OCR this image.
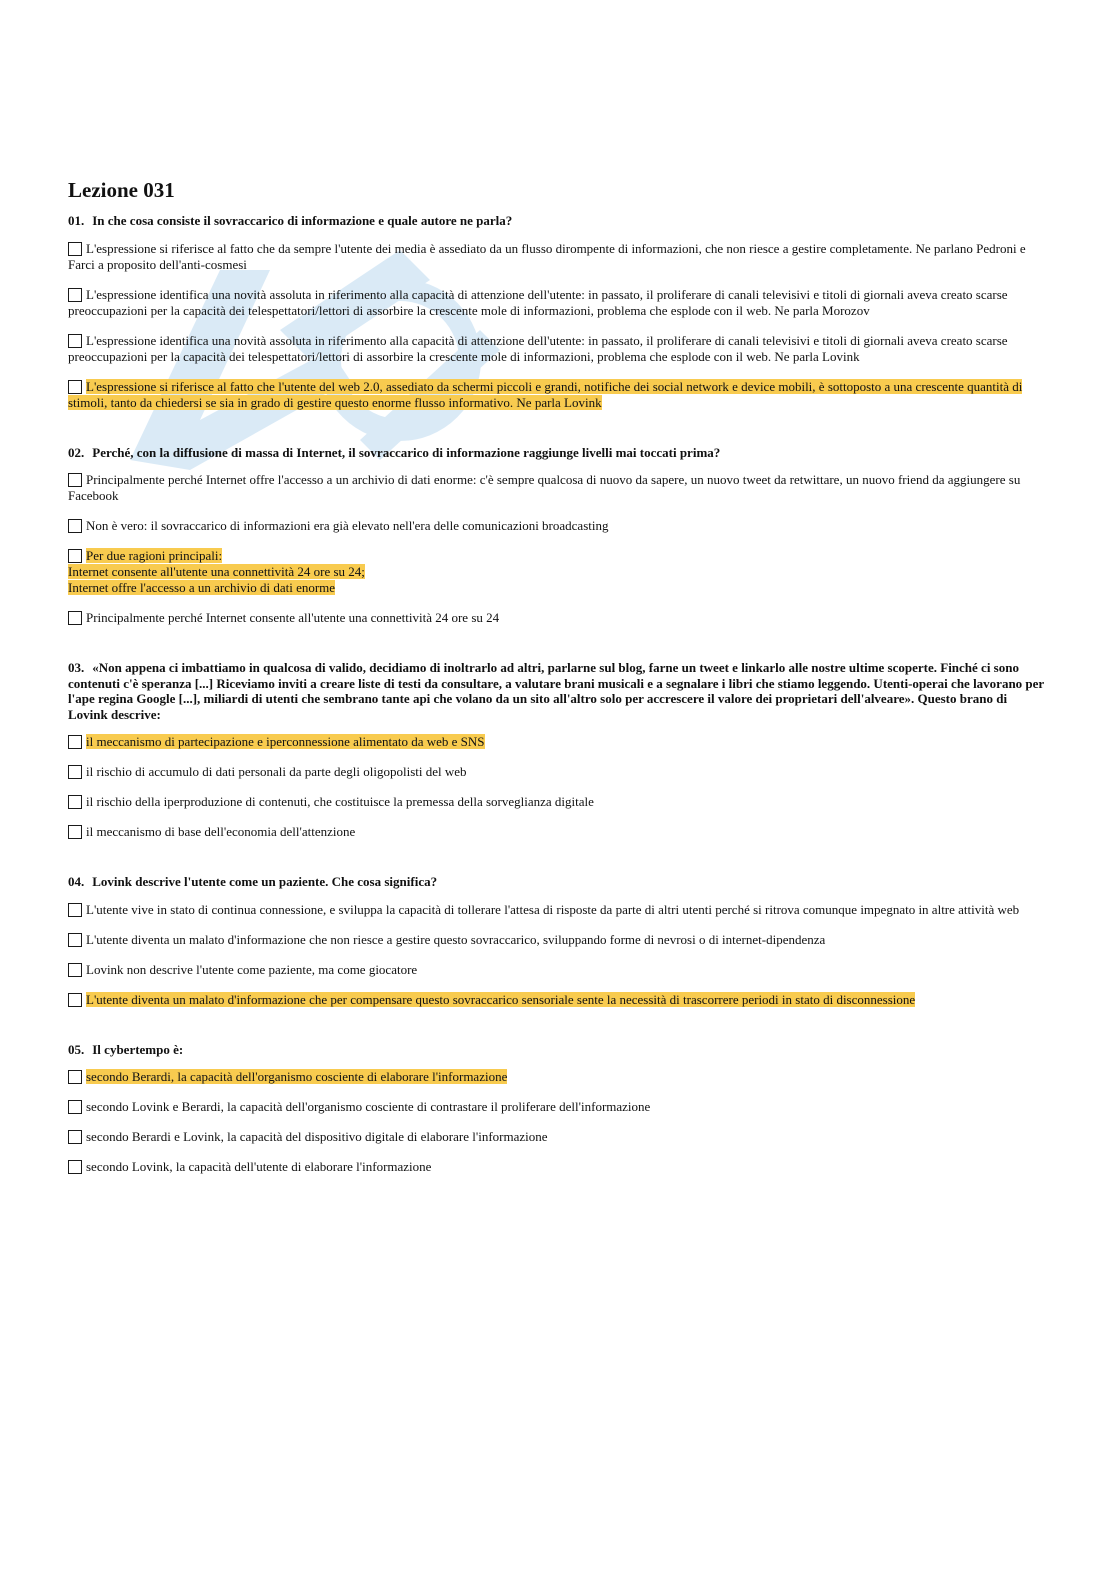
Lezione 031
01. In che cosa consiste il sovraccarico di informazione e quale autore ne parla?
L'espressione si riferisce al fatto che da sempre l'utente dei media è assediato da un flusso dirompente di informazioni, che non riesce a gestire completamente. Ne parlano Pedroni e Farci a proposito dell'anti-cosmesi
L'espressione identifica una novità assoluta in riferimento alla capacità di attenzione dell'utente: in passato, il proliferare di canali televisivi e titoli di giornali aveva creato scarse preoccupazioni per la capacità dei telespettatori/lettori di assorbire la crescente mole di informazioni, problema che esplode con il web. Ne parla Morozov
L'espressione identifica una novità assoluta in riferimento alla capacità di attenzione dell'utente: in passato, il proliferare di canali televisivi e titoli di giornali aveva creato scarse preoccupazioni per la capacità dei telespettatori/lettori di assorbire la crescente mole di informazioni, problema che esplode con il web. Ne parla Lovink
L'espressione si riferisce al fatto che l'utente del web 2.0, assediato da schermi piccoli e grandi, notifiche dei social network e device mobili, è sottoposto a una crescente quantità di stimoli, tanto da chiedersi se sia in grado di gestire questo enorme flusso informativo. Ne parla Lovink
02. Perché, con la diffusione di massa di Internet, il sovraccarico di informazione raggiunge livelli mai toccati prima?
Principalmente perché Internet offre l'accesso a un archivio di dati enorme: c'è sempre qualcosa di nuovo da sapere, un nuovo tweet da retwittare, un nuovo friend da aggiungere su Facebook
Non è vero: il sovraccarico di informazioni era già elevato nell'era delle comunicazioni broadcasting
Per due ragioni principali:
Internet consente all'utente una connettività 24 ore su 24;
Internet offre l'accesso a un archivio di dati enorme
Principalmente perché Internet consente all'utente una connettività 24 ore su 24
03. «Non appena ci imbattiamo in qualcosa di valido, decidiamo di inoltrarlo ad altri, parlarne sul blog, farne un tweet e linkarlo alle nostre ultime scoperte. Finché ci sono contenuti c'è speranza [...] Riceviamo inviti a creare liste di testi da consultare, a valutare brani musicali e a segnalare i libri che stiamo leggendo. Utenti-operai che lavorano per l'ape regina Google [...], miliardi di utenti che sembrano tante api che volano da un sito all'altro solo per accrescere il valore dei proprietari dell'alveare». Questo brano di Lovink descrive:
il meccanismo di partecipazione e iperconnessione alimentato da web e SNS
il rischio di accumulo di dati personali da parte degli oligopolisti del web
il rischio della iperproduzione di contenuti, che costituisce la premessa della sorveglianza digitale
il meccanismo di base dell'economia dell'attenzione
04. Lovink descrive l'utente come un paziente. Che cosa significa?
L'utente vive in stato di continua connessione, e sviluppa la capacità di tollerare l'attesa di risposte da parte di altri utenti perché si ritrova comunque impegnato in altre attività web
L'utente diventa un malato d'informazione che non riesce a gestire questo sovraccarico, sviluppando forme di nevrosi o di internet-dipendenza
Lovink non descrive l'utente come paziente, ma come giocatore
L'utente diventa un malato d'informazione che per compensare questo sovraccarico sensoriale sente la necessità di trascorrere periodi in stato di disconnessione
05. Il cybertempo è:
secondo Berardi, la capacità dell'organismo cosciente di elaborare l'informazione
secondo Lovink e Berardi, la capacità dell'organismo cosciente di contrastare il proliferare dell'informazione
secondo Berardi e Lovink, la capacità del dispositivo digitale di elaborare l'informazione
secondo Lovink, la capacità dell'utente di elaborare l'informazione
